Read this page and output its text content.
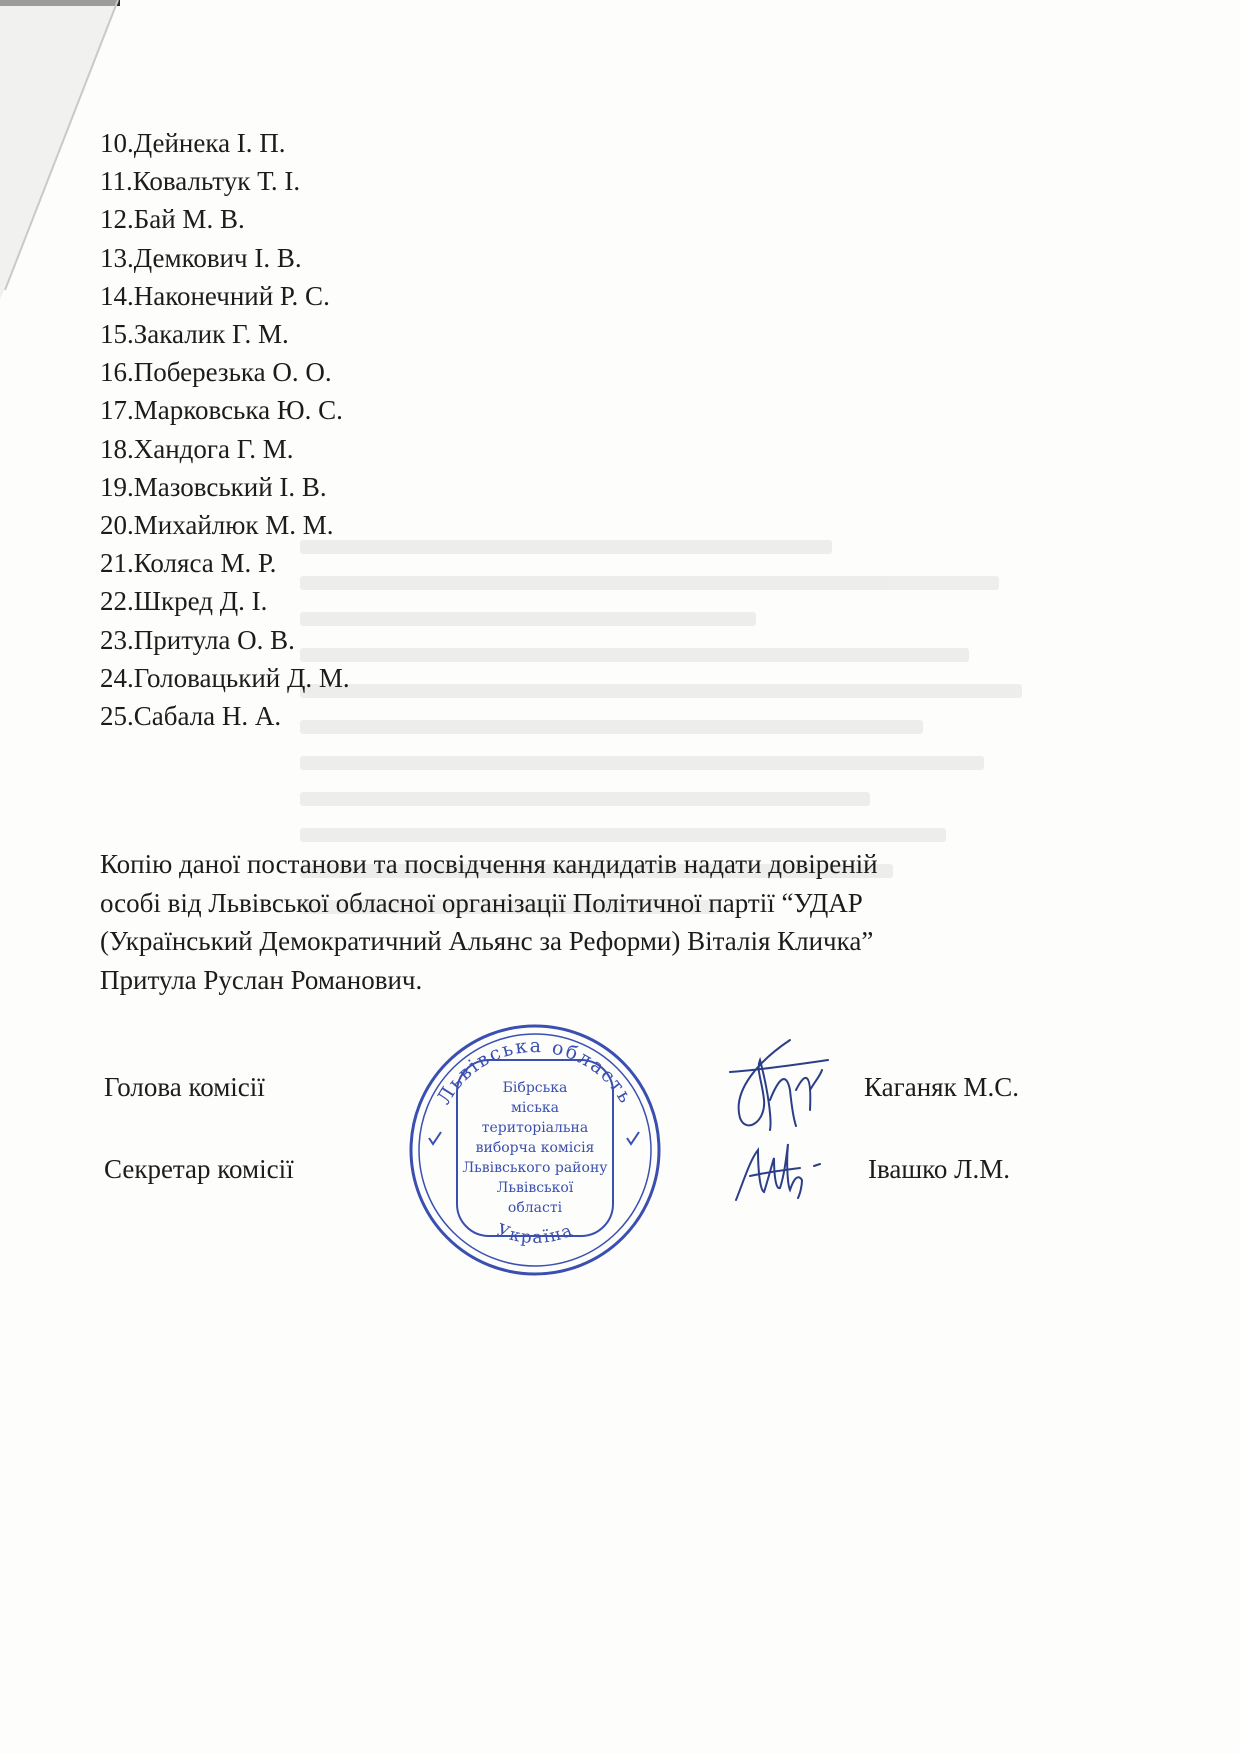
10.Дейнека І. П.
11.Ковальтук Т. І.
12.Бай М. В.
13.Демкович І. В.
14.Наконечний Р. С.
15.Закалик Г. М.
16.Поберезька О. О.
17.Марковська Ю. С.
18.Хандога Г. М.
19.Мазовський І. В.
20.Михайлюк М. М.
21.Коляса М. Р.
22.Шкред Д. І.
23.Притула О. В.
24.Головацький Д. М.
25.Сабала Н. А.
Копію даної постанови та посвідчення кандидатів надати довіреній
особі від Львівської обласної організації Політичної партії “УДАР
(Український Демократичний Альянс за Реформи) Віталія Кличка”
Притула Руслан Романович.
Голова комісії	Каганяк М.С.
Секретар комісії	Івашко Л.М.
Львівська область
Україна
Бібрська
міська
територіальна
виборча комісія
Львівського району
Львівської
області
